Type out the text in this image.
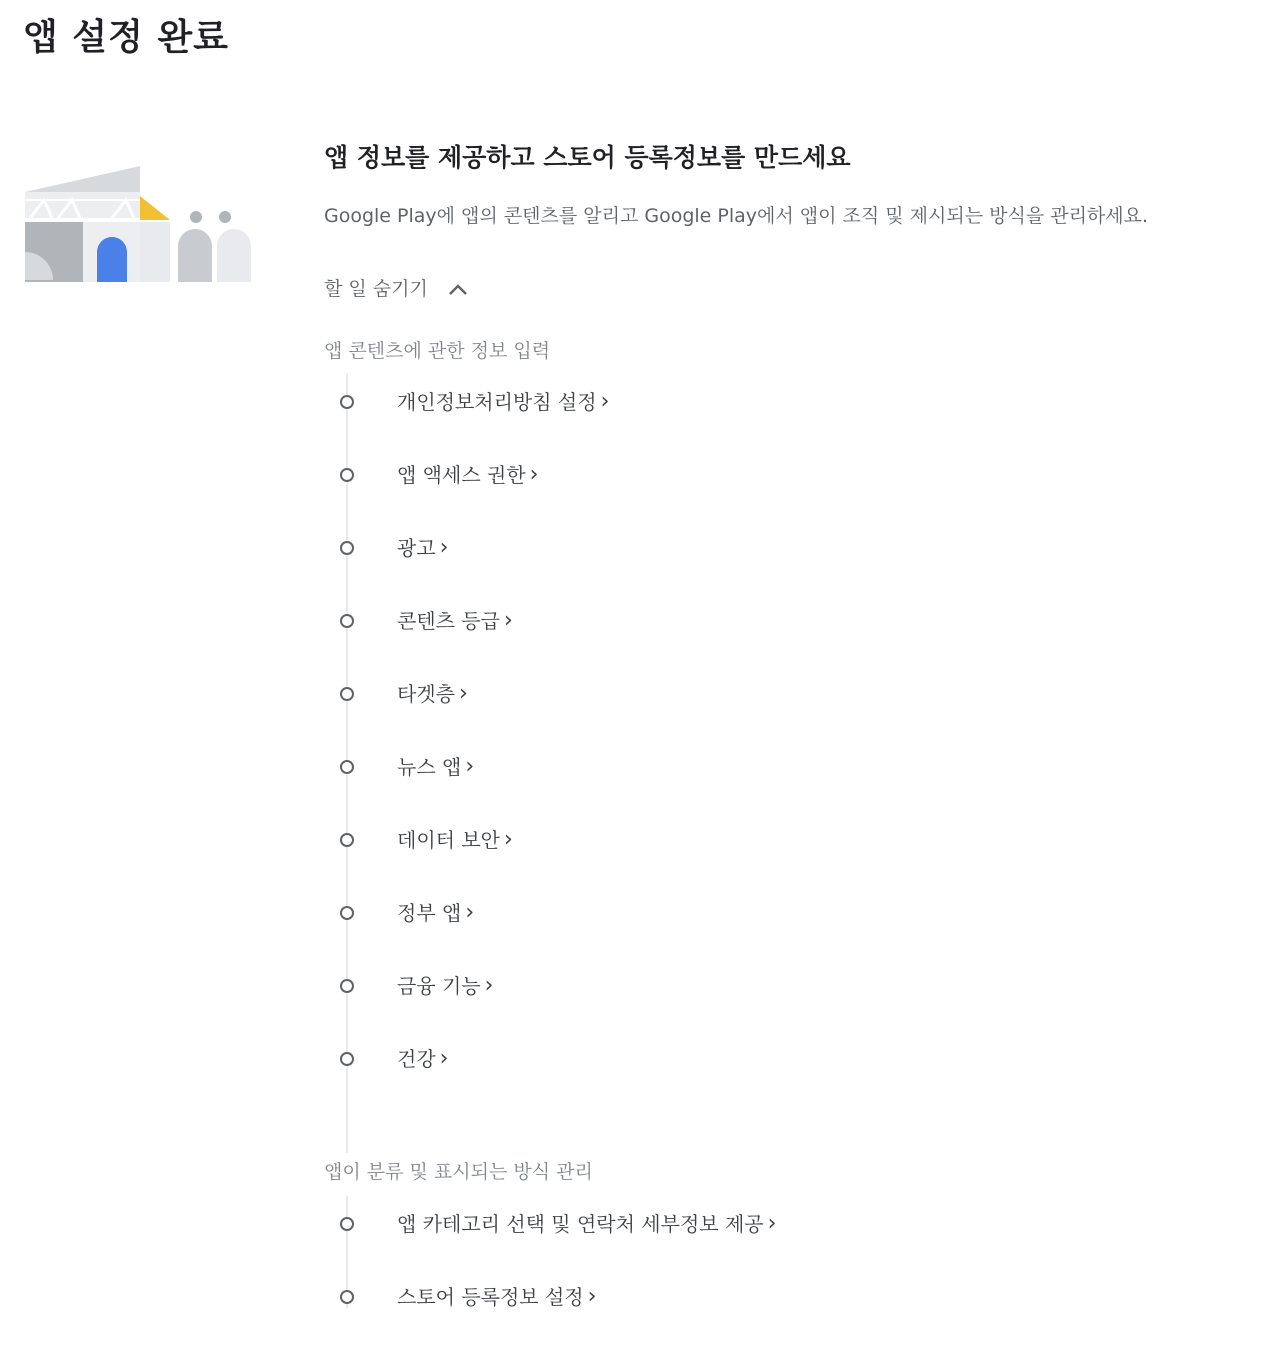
앱 설정 완료
앱 정보를 제공하고 스토어 등록정보를 만드세요
Google Play에 앱의 콘텐츠를 알리고 Google Play에서 앱이 조직 및 제시되는 방식을 관리하세요.
할 일 숨기기
앱 콘텐츠에 관한 정보 입력
앱이 분류 및 표시되는 방식 관리
개인정보처리방침 설정 ›
앱 액세스 권한 ›
광고 ›
콘텐츠 등급 ›
타겟층 ›
뉴스 앱 ›
데이터 보안 ›
정부 앱 ›
금융 기능 ›
건강 ›
앱 카테고리 선택 및 연락처 세부정보 제공 ›
스토어 등록정보 설정 ›
